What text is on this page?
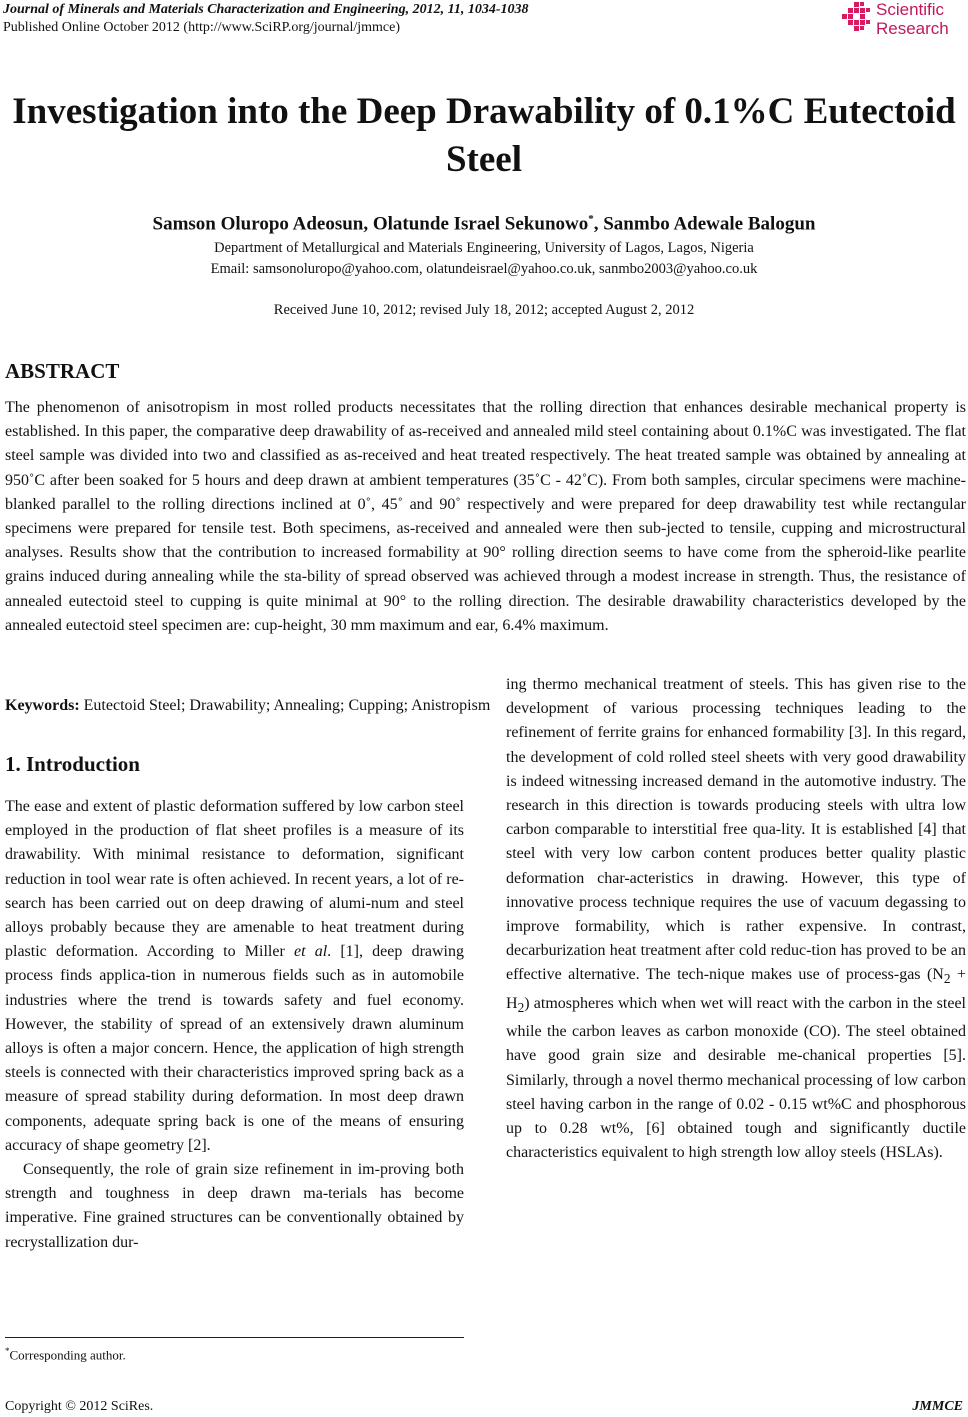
Journal of Minerals and Materials Characterization and Engineering, 2012, 11, 1034-1038
Published Online October 2012 (http://www.SciRP.org/journal/jmmce)
Scientific
Research
Investigation into the Deep Drawability of 0.1%C Eutectoid Steel
Samson Oluropo Adeosun, Olatunde Israel Sekunowo*, Sanmbo Adewale Balogun
Department of Metallurgical and Materials Engineering, University of Lagos, Lagos, Nigeria
Email: samsonoluropo@yahoo.com, olatundeisrael@yahoo.co.uk, sanmbo2003@yahoo.co.uk
Received June 10, 2012; revised July 18, 2012; accepted August 2, 2012
ABSTRACT
The phenomenon of anisotropism in most rolled products necessitates that the rolling direction that enhances desirable mechanical property is established. In this paper, the comparative deep drawability of as-received and annealed mild steel containing about 0.1%C was investigated. The flat steel sample was divided into two and classified as as-received and heat treated respectively. The heat treated sample was obtained by annealing at 950˚C after been soaked for 5 hours and deep drawn at ambient temperatures (35˚C - 42˚C). From both samples, circular specimens were machine- blanked parallel to the rolling directions inclined at 0˚, 45˚ and 90˚ respectively and were prepared for deep drawability test while rectangular specimens were prepared for tensile test. Both specimens, as-received and annealed were then sub-jected to tensile, cupping and microstructural analyses. Results show that the contribution to increased formability at 90° rolling direction seems to have come from the spheroid-like pearlite grains induced during annealing while the sta-bility of spread observed was achieved through a modest increase in strength. Thus, the resistance of annealed eutectoid steel to cupping is quite minimal at 90° to the rolling direction. The desirable drawability characteristics developed by the annealed eutectoid steel specimen are: cup-height, 30 mm maximum and ear, 6.4% maximum.
Keywords: Eutectoid Steel; Drawability; Annealing; Cupping; Anistropism
1. Introduction

The ease and extent of plastic deformation suffered by low carbon steel employed in the production of flat sheet profiles is a measure of its drawability. With minimal resistance to deformation, significant reduction in tool wear rate is often achieved. In recent years, a lot of re-search has been carried out on deep drawing of alumi-num and steel alloys probably because they are amenable to heat treatment during plastic deformation. According to Miller et al. [1], deep drawing process finds applica-tion in numerous fields such as in automobile industries where the trend is towards safety and fuel economy. However, the stability of spread of an extensively drawn aluminum alloys is often a major concern. Hence, the application of high strength steels is connected with their characteristics improved spring back as a measure of spread stability during deformation. In most deep drawn components, adequate spring back is one of the means of ensuring accuracy of shape geometry [2].

Consequently, the role of grain size refinement in im-proving both strength and toughness in deep drawn ma-terials has become imperative. Fine grained structures can be conventionally obtained by recrystallization dur-

ing thermo mechanical treatment of steels. This has given rise to the development of various processing techniques leading to the refinement of ferrite grains for enhanced formability [3]. In this regard, the development of cold rolled steel sheets with very good drawability is indeed witnessing increased demand in the automotive industry. The research in this direction is towards producing steels with ultra low carbon comparable to interstitial free qua-lity. It is established [4] that steel with very low carbon content produces better quality plastic deformation char-acteristics in drawing. However, this type of innovative process technique requires the use of vacuum degassing to improve formability, which is rather expensive. In contrast, decarburization heat treatment after cold reduc-tion has proved to be an effective alternative. The tech-nique makes use of process-gas $(N_2 + H_2)$ atmospheres which when wet will react with the carbon in the steel while the carbon leaves as carbon monoxide (CO). The steel obtained have good grain size and desirable me-chanical properties [5]. Similarly, through a novel thermo mechanical processing of low carbon steel having carbon in the range of 0.02 - 0.15 wt%C and phosphorous up to 0.28 wt%, [6] obtained tough and significantly ductile characteristics equivalent to high strength low alloy steels (HSLAs).

*Corresponding author.
Copyright © 2012 SciRes.	JMMCE
